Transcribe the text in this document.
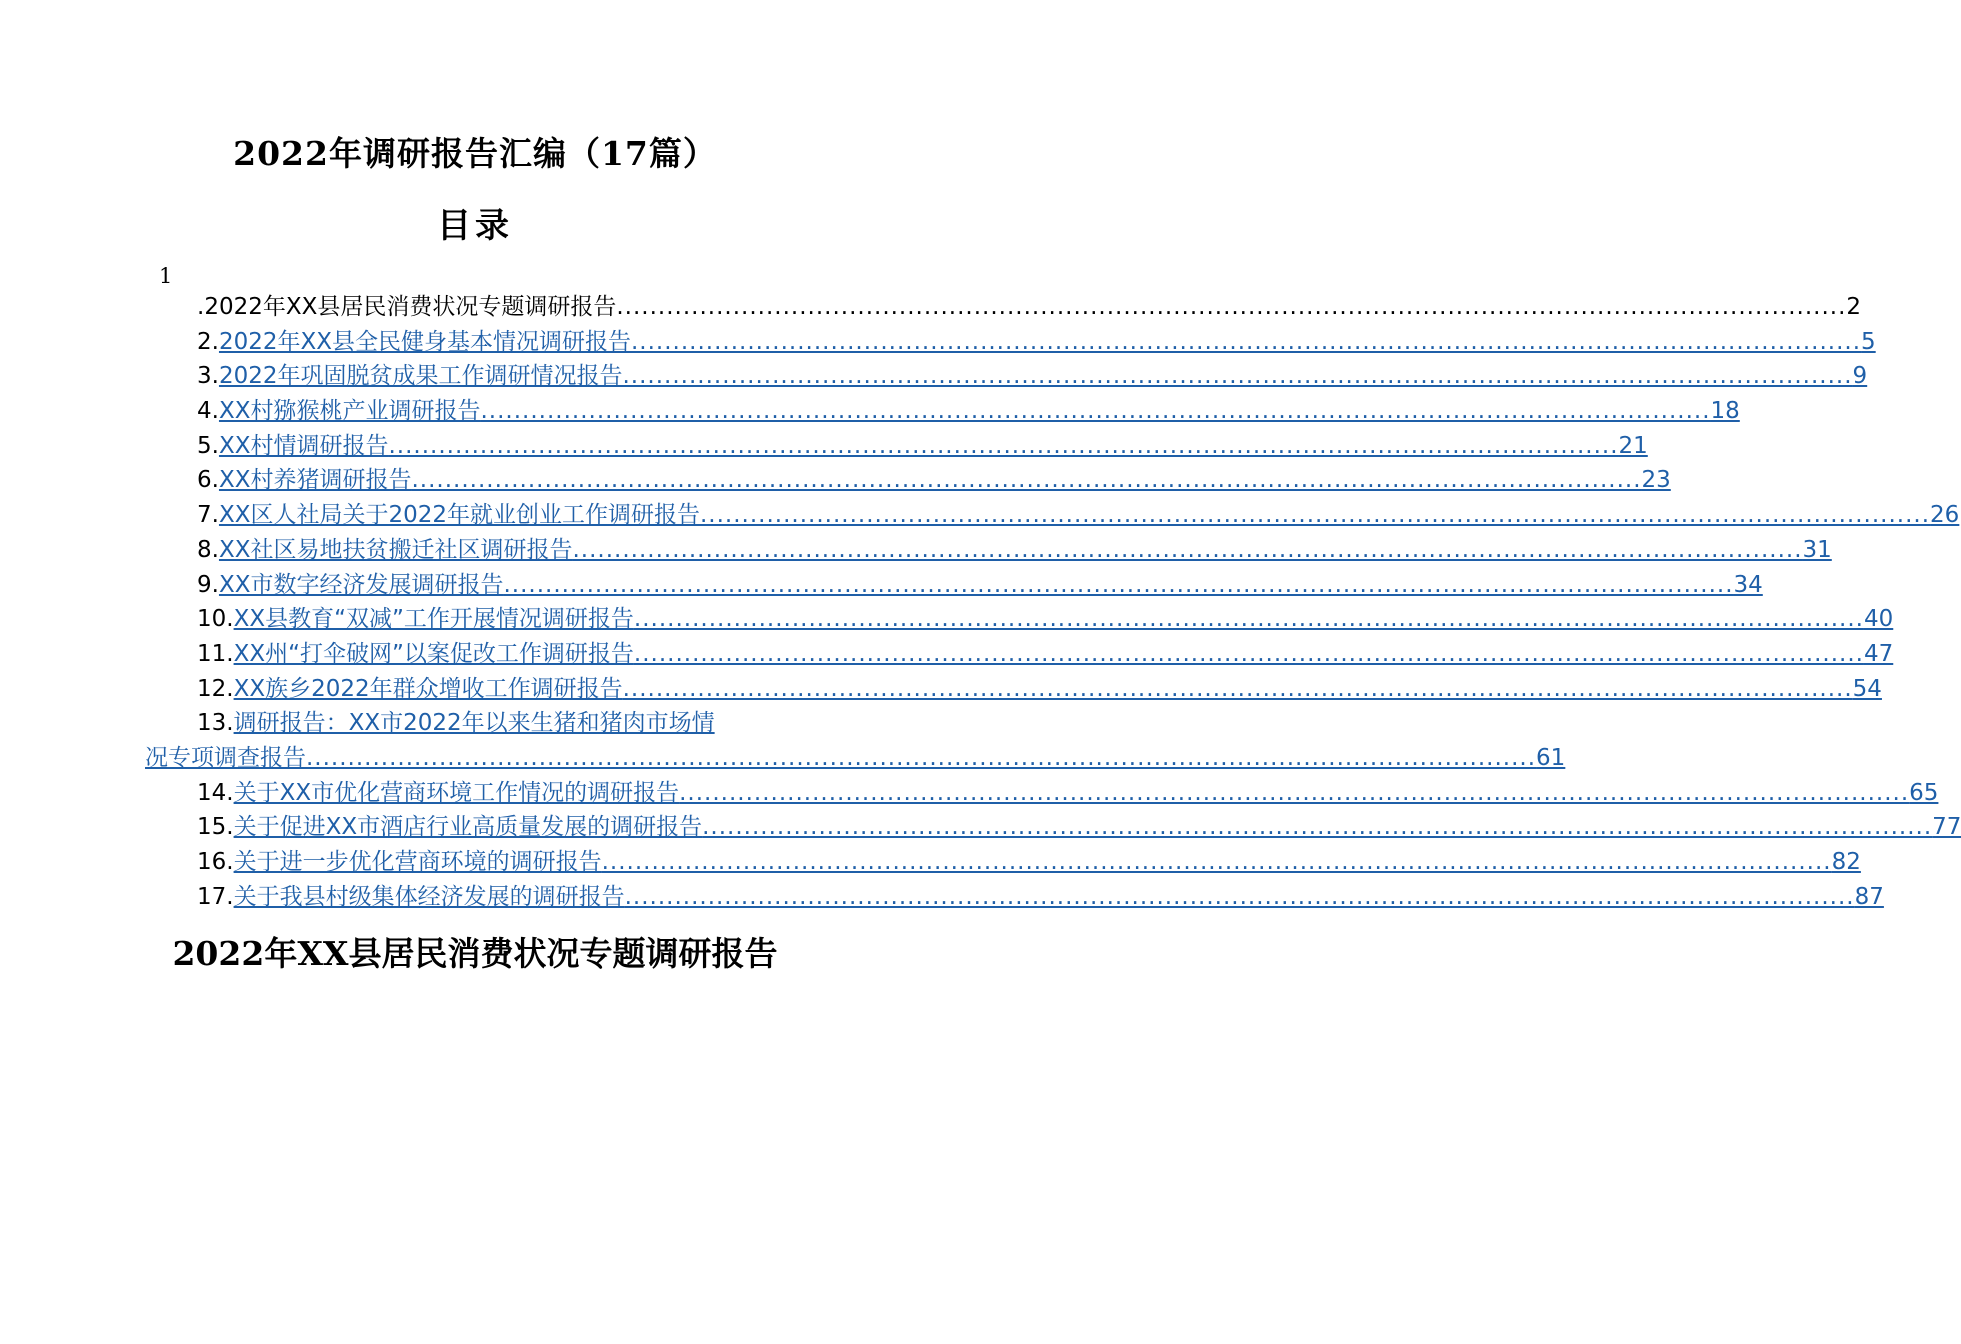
2022年调研报告汇编（17篇）
目录
1
. 2022年XX县居民消费状况专题调研报告 .....	2
2. 2022年XX县全民健身基本情况调研报告 .....	5
3. 2022年巩固脱贫成果工作调研情况报告 .....	9
4. XX村猕猴桃产业调研报告 .....	18
5. XX村情调研报告 .....	21
6. XX村养猪调研报告 .....	23
7. XX区人社局关于2022年就业创业工作调研报告 .....	26
8. XX社区易地扶贫搬迁社区调研报告 .....	31
9. XX市数字经济发展调研报告 .....	34
10. XX县教育“双减”工作开展情况调研报告 .....	40
11. XX州“打伞破网”以案促改工作调研报告 .....	47
12. XX族乡2022年群众增收工作调研报告 .....	54
13. 调研报告：XX市2022年以来生猪和猪肉市场情
况专项调查报告 .....	61
14. 关于XX市优化营商环境工作情况的调研报告 .....	65
15. 关于促进XX市酒店行业高质量发展的调研报告 .....	77
16. 关于进一步优化营商环境的调研报告 .....	82
17. 关于我县村级集体经济发展的调研报告 .....	87
2022年XX县居民消费状况专题调研报告
